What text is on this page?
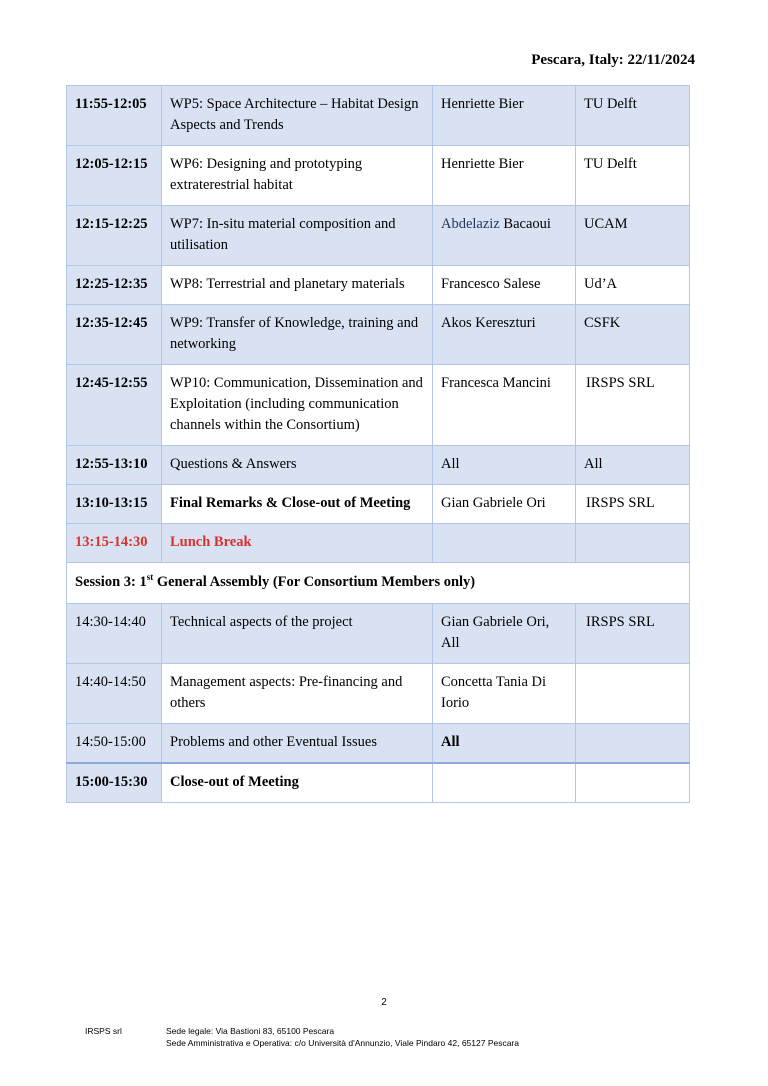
Pescara, Italy: 22/11/2024
11:55-12:05	WP5: Space Architecture – Habitat Design Aspects and Trends	Henriette Bier	TU Delft
12:05-12:15	WP6: Designing and prototyping extraterestrial habitat	Henriette Bier	TU Delft
12:15-12:25	WP7: In-situ material composition and utilisation	Abdelaziz Bacaoui	UCAM
12:25-12:35	WP8: Terrestrial and planetary materials	Francesco Salese	Ud’A
12:35-12:45	WP9: Transfer of Knowledge, training and networking	Akos Kereszturi	CSFK
12:45-12:55	WP10: Communication, Dissemination and Exploitation (including communication channels within the Consortium)	Francesca Mancini	IRSPS SRL
12:55-13:10	Questions & Answers	All	All
13:10-13:15	Final Remarks & Close-out of Meeting	Gian Gabriele Ori	IRSPS SRL
13:15-14:30	Lunch Break		
Session 3: 1st General Assembly (For Consortium Members only)			
14:30-14:40	Technical aspects of the project	Gian Gabriele Ori, All	IRSPS SRL
14:40-14:50	Management aspects: Pre-financing and others	Concetta Tania Di Iorio	
14:50-15:00	Problems and other Eventual Issues	All	
15:00-15:30	Close-out of Meeting		
2
IRSPS srl	Sede legale: Via Bastioni 83, 65100 Pescara
Sede Amministrativa e Operativa: c/o Università d'Annunzio, Viale Pindaro 42, 65127 Pescara
